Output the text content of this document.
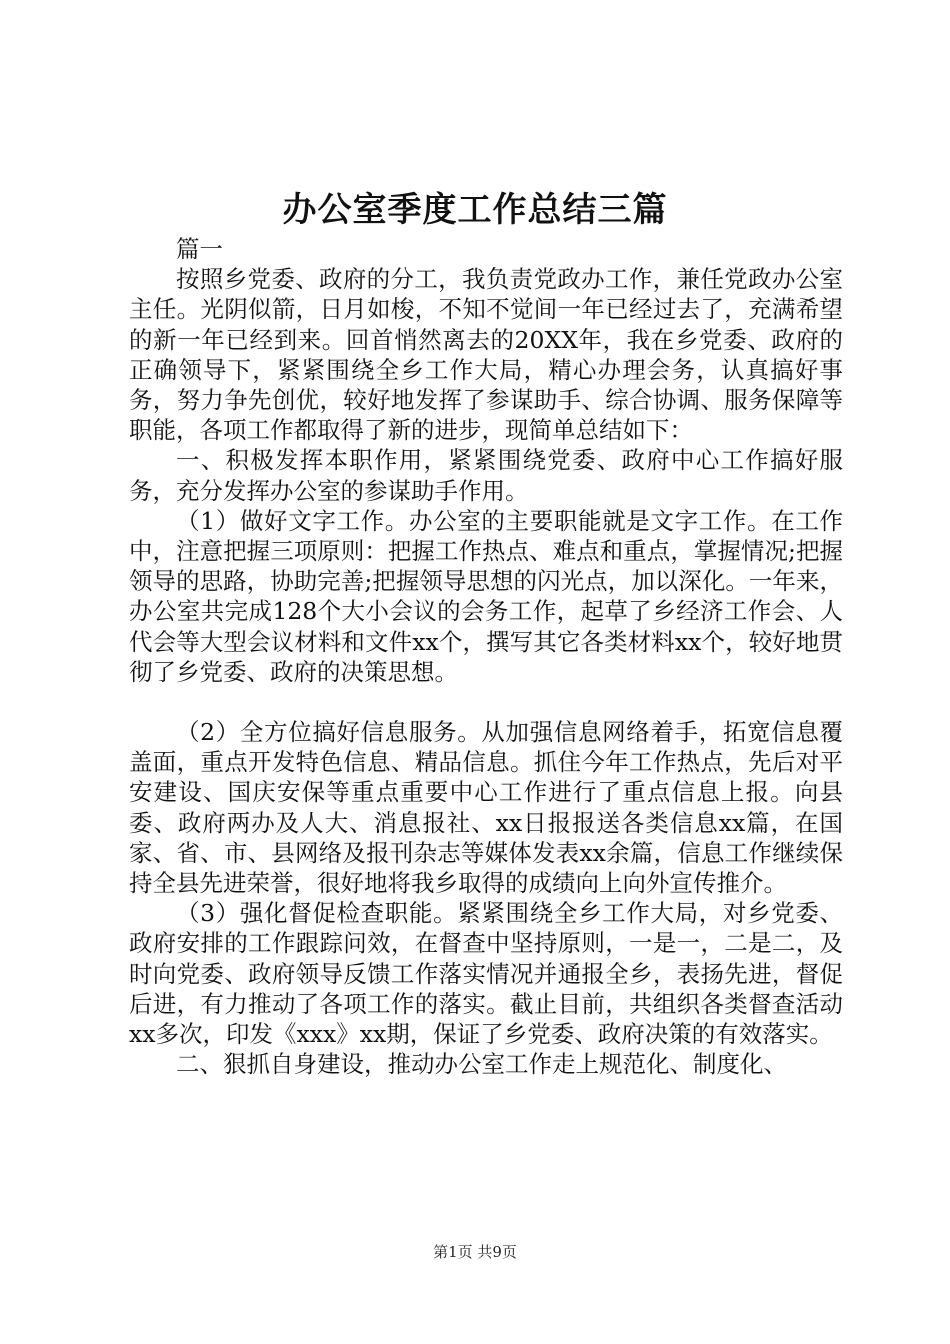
办公室季度工作总结三篇

篇一

按照乡党委、政府的分工，我负责党政办工作，兼任党政办公室主任。光阴似箭，日月如梭，不知不觉间一年已经过去了，充满希望的新一年已经到来。回首悄然离去的20XX年，我在乡党委、政府的正确领导下，紧紧围绕全乡工作大局，精心办理会务，认真搞好事务，努力争先创优，较好地发挥了参谋助手、综合协调、服务保障等职能，各项工作都取得了新的进步，现简单总结如下：

一、积极发挥本职作用，紧紧围绕党委、政府中心工作搞好服务，充分发挥办公室的参谋助手作用。

（1）做好文字工作。办公室的主要职能就是文字工作。在工作中，注意把握三项原则：把握工作热点、难点和重点，掌握情况;把握领导的思路，协助完善;把握领导思想的闪光点，加以深化。一年来，办公室共完成128个大小会议的会务工作，起草了乡经济工作会、人代会等大型会议材料和文件xx个，撰写其它各类材料xx个，较好地贯彻了乡党委、政府的决策思想。

（2）全方位搞好信息服务。从加强信息网络着手，拓宽信息覆盖面，重点开发特色信息、精品信息。抓住今年工作热点，先后对平安建设、国庆安保等重点重要中心工作进行了重点信息上报。向县委、政府两办及人大、消息报社、xx日报报送各类信息xx篇，在国家、省、市、县网络及报刊杂志等媒体发表xx余篇，信息工作继续保持全县先进荣誉，很好地将我乡取得的成绩向上向外宣传推介。

（3）强化督促检查职能。紧紧围绕全乡工作大局，对乡党委、政府安排的工作跟踪问效，在督查中坚持原则，一是一，二是二，及时向党委、政府领导反馈工作落实情况并通报全乡，表扬先进，督促后进，有力推动了各项工作的落实。截止目前，共组织各类督查活动xx多次，印发《xxx》xx期，保证了乡党委、政府决策的有效落实。

二、狠抓自身建设，推动办公室工作走上规范化、制度化、

第1页 共9页
